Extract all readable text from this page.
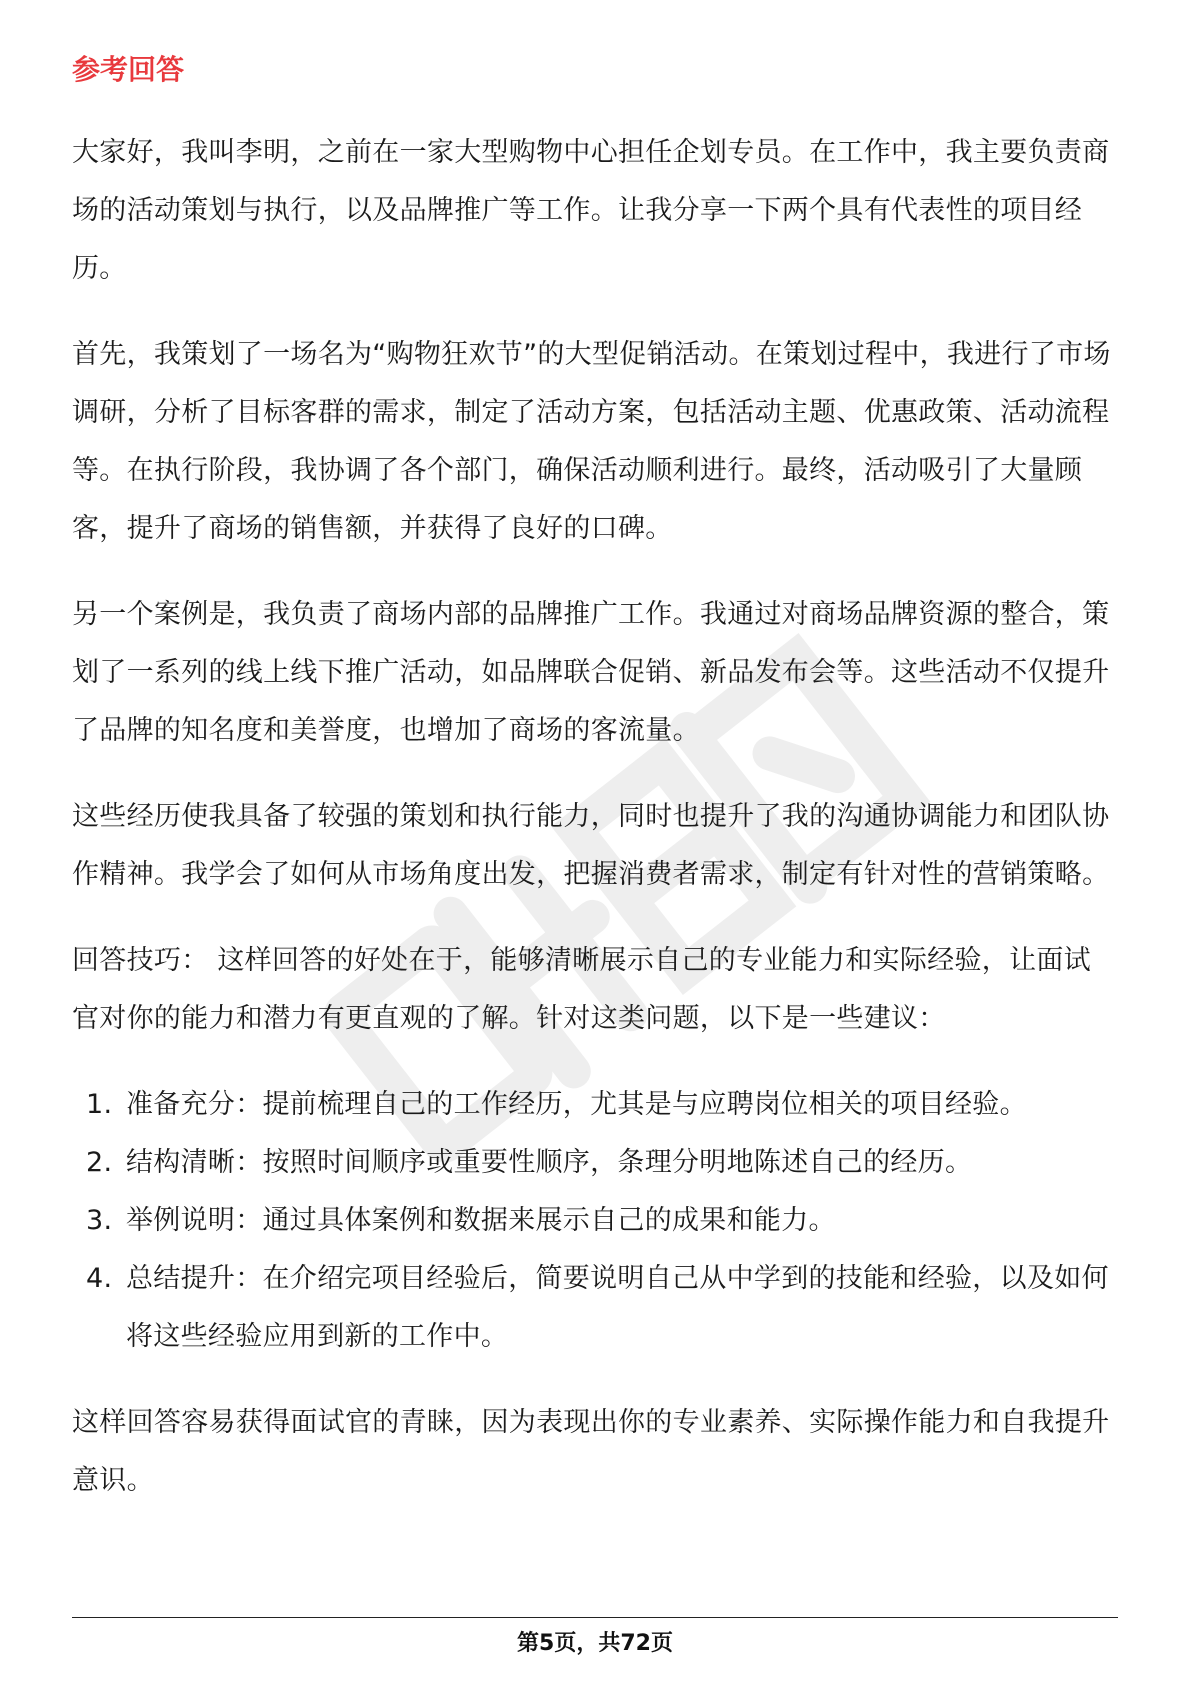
参考回答

大家好，我叫李明，之前在一家大型购物中心担任企划专员。在工作中，我主要负责商场的活动策划与执行，以及品牌推广等工作。让我分享一下两个具有代表性的项目经历。

首先，我策划了一场名为“购物狂欢节”的大型促销活动。在策划过程中，我进行了市场调研，分析了目标客群的需求，制定了活动方案，包括活动主题、优惠政策、活动流程等。在执行阶段，我协调了各个部门，确保活动顺利进行。最终，活动吸引了大量顾客，提升了商场的销售额，并获得了良好的口碑。

另一个案例是，我负责了商场内部的品牌推广工作。我通过对商场品牌资源的整合，策划了一系列的线上线下推广活动，如品牌联合促销、新品发布会等。这些活动不仅提升了品牌的知名度和美誉度，也增加了商场的客流量。

这些经历使我具备了较强的策划和执行能力，同时也提升了我的沟通协调能力和团队协作精神。我学会了如何从市场角度出发，把握消费者需求，制定有针对性的营销策略。

回答技巧： 这样回答的好处在于，能够清晰展示自己的专业能力和实际经验，让面试官对你的能力和潜力有更直观的了解。针对这类问题，以下是一些建议：

1. 准备充分：提前梳理自己的工作经历，尤其是与应聘岗位相关的项目经验。
2. 结构清晰：按照时间顺序或重要性顺序，条理分明地陈述自己的经历。
3. 举例说明：通过具体案例和数据来展示自己的成果和能力。
4. 总结提升：在介绍完项目经验后，简要说明自己从中学到的技能和经验，以及如何将这些经验应用到新的工作中。

这样回答容易获得面试官的青睐，因为表现出你的专业素养、实际操作能力和自我提升意识。

第5页，共72页
